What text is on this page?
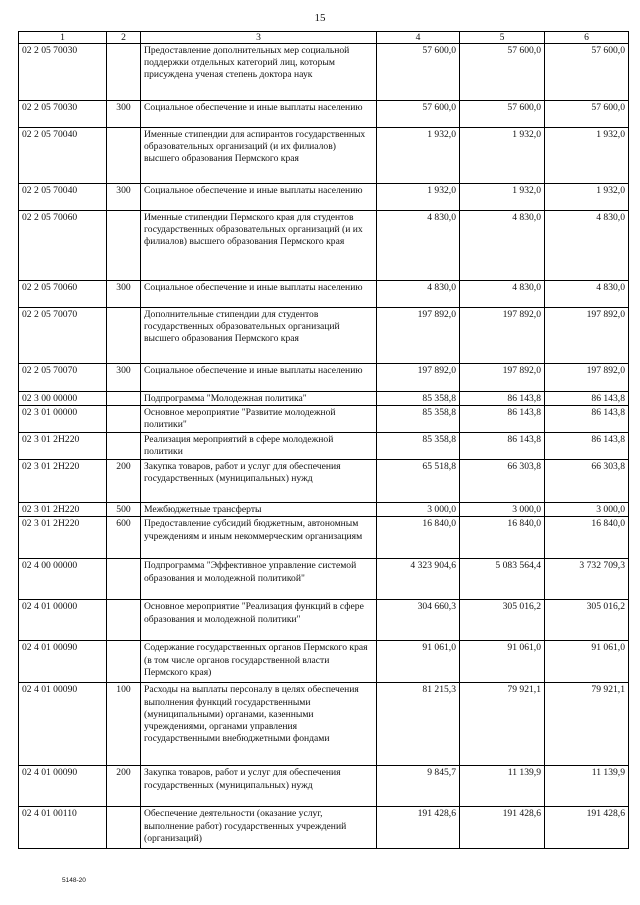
15
1	2	3	4	5	6
02 2 05 70030		Предоставление дополнительных мер социальной поддержки отдельных категорий лиц, которым присуждена ученая степень доктора наук	57 600,0	57 600,0	57 600,0
02 2 05 70030	300	Социальное обеспечение и иные выплаты населению	57 600,0	57 600,0	57 600,0
02 2 05 70040		Именные стипендии для аспирантов государственных образовательных организаций (и их филиалов) высшего образования Пермского края	1 932,0	1 932,0	1 932,0
02 2 05 70040	300	Социальное обеспечение и иные выплаты населению	1 932,0	1 932,0	1 932,0
02 2 05 70060		Именные стипендии Пермского края для студентов государственных образовательных организаций (и их филиалов) высшего образования Пермского края	4 830,0	4 830,0	4 830,0
02 2 05 70060	300	Социальное обеспечение и иные выплаты населению	4 830,0	4 830,0	4 830,0
02 2 05 70070		Дополнительные стипендии для студентов государственных образовательных организаций высшего образования Пермского края	197 892,0	197 892,0	197 892,0
02 2 05 70070	300	Социальное обеспечение и иные выплаты населению	197 892,0	197 892,0	197 892,0
02 3 00 00000		Подпрограмма "Молодежная политика"	85 358,8	86 143,8	86 143,8
02 3 01 00000		Основное мероприятие "Развитие молодежной политики"	85 358,8	86 143,8	86 143,8
02 3 01 2Н220		Реализация мероприятий в сфере молодежной политики	85 358,8	86 143,8	86 143,8
02 3 01 2Н220	200	Закупка товаров, работ и услуг для обеспечения государственных (муниципальных) нужд	65 518,8	66 303,8	66 303,8
02 3 01 2Н220	500	Межбюджетные трансферты	3 000,0	3 000,0	3 000,0
02 3 01 2Н220	600	Предоставление субсидий бюджетным, автономным учреждениям и иным некоммерческим организациям	16 840,0	16 840,0	16 840,0
02 4 00 00000		Подпрограмма "Эффективное управление системой образования и молодежной политикой"	4 323 904,6	5 083 564,4	3 732 709,3
02 4 01 00000		Основное мероприятие "Реализация функций в сфере образования и молодежной политики"	304 660,3	305 016,2	305 016,2
02 4 01 00090		Содержание государственных органов Пермского края (в том числе органов государственной власти Пермского края)	91 061,0	91 061,0	91 061,0
02 4 01 00090	100	Расходы на выплаты персоналу в целях обеспечения выполнения функций государственными (муниципальными) органами, казенными учреждениями, органами управления государственными внебюджетными фондами	81 215,3	79 921,1	79 921,1
02 4 01 00090	200	Закупка товаров, работ и услуг для обеспечения государственных (муниципальных) нужд	9 845,7	11 139,9	11 139,9
02 4 01 00110		Обеспечение деятельности (оказание услуг, выполнение работ) государственных учреждений (организаций)	191 428,6	191 428,6	191 428,6
5148-20
